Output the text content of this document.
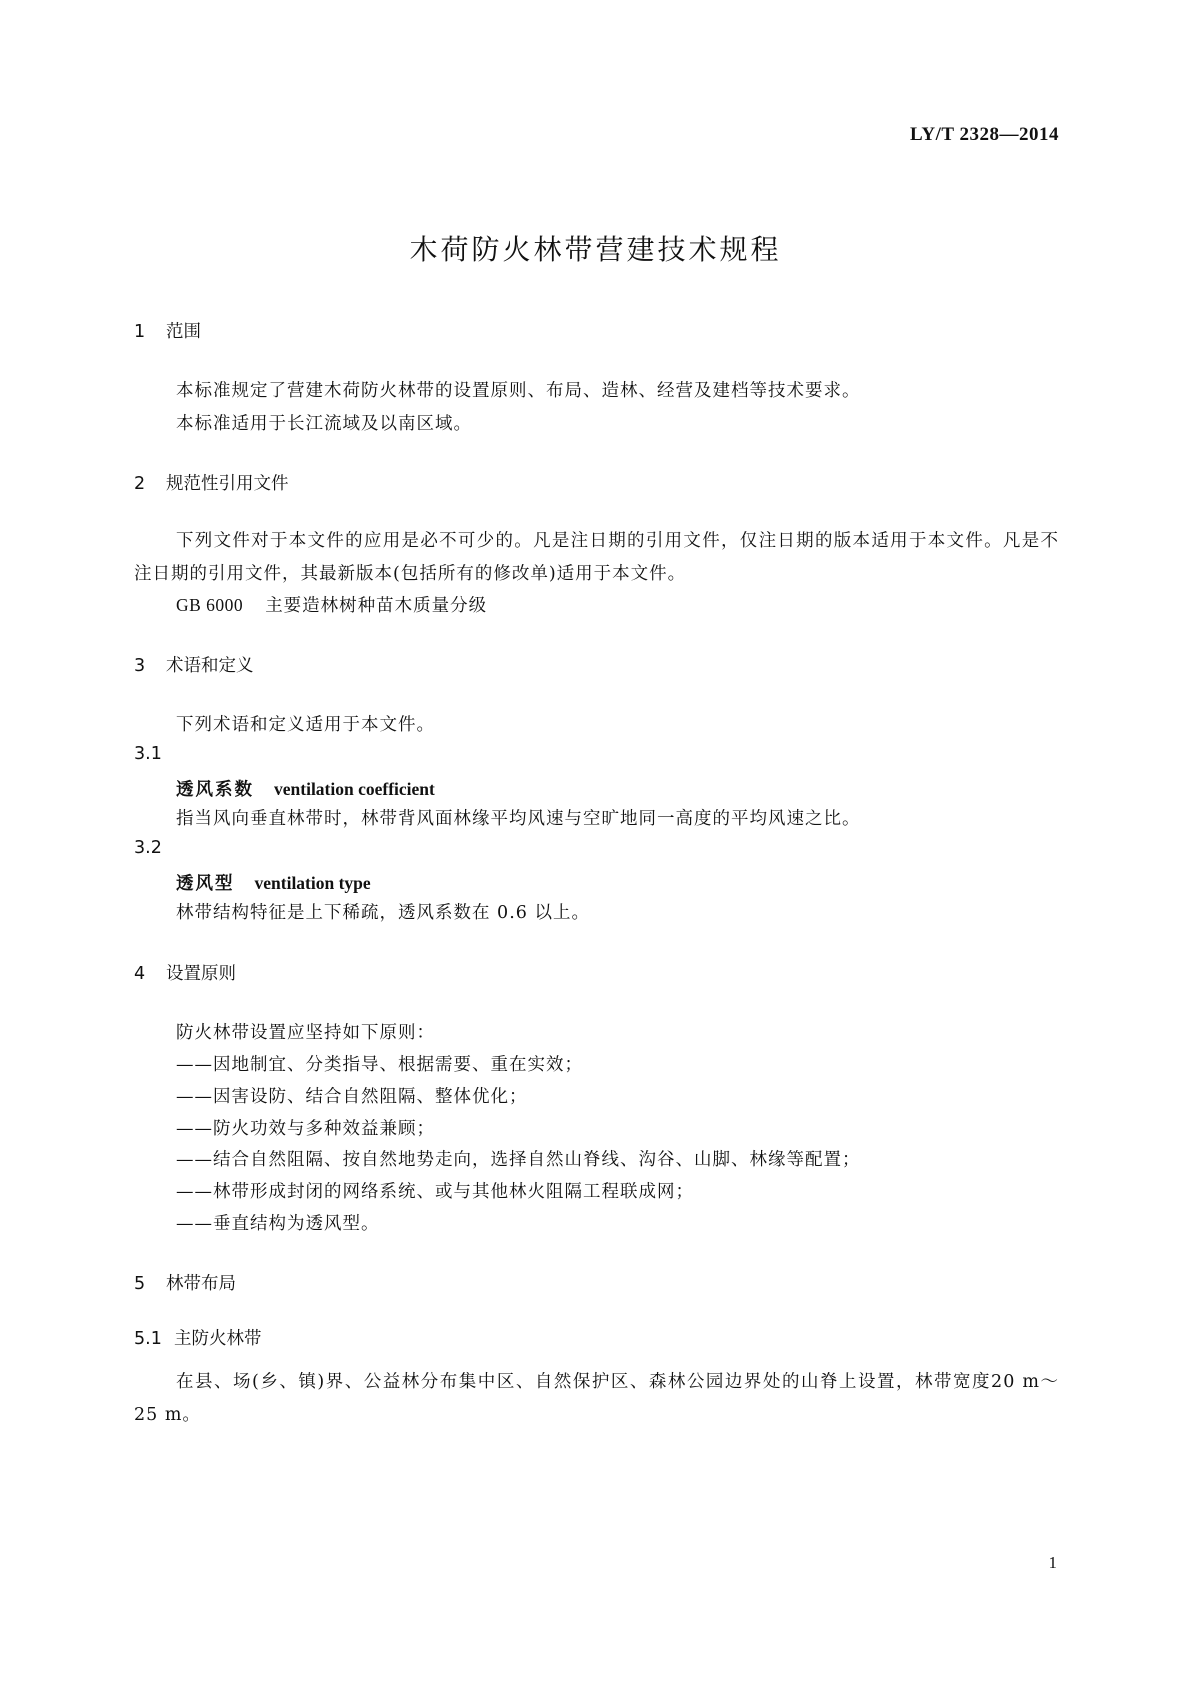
LY/T 2328—2014
木荷防火林带营建技术规程
1 范围
本标准规定了营建木荷防火林带的设置原则、布局、造林、经营及建档等技术要求。
本标准适用于长江流域及以南区域。
2 规范性引用文件
下列文件对于本文件的应用是必不可少的。凡是注日期的引用文件，仅注日期的版本适用于本文件。凡是不注日期的引用文件，其最新版本(包括所有的修改单)适用于本文件。
GB 6000 主要造林树种苗木质量分级
3 术语和定义
下列术语和定义适用于本文件。
3.1
透风系数 ventilation coefficient
指当风向垂直林带时，林带背风面林缘平均风速与空旷地同一高度的平均风速之比。
3.2
透风型 ventilation type
林带结构特征是上下稀疏，透风系数在 0.6 以上。
4 设置原则
防火林带设置应坚持如下原则：
——因地制宜、分类指导、根据需要、重在实效；
——因害设防、结合自然阻隔、整体优化；
——防火功效与多种效益兼顾；
——结合自然阻隔、按自然地势走向，选择自然山脊线、沟谷、山脚、林缘等配置；
——林带形成封闭的网络系统、或与其他林火阻隔工程联成网；
——垂直结构为透风型。
5 林带布局
5.1 主防火林带
在县、场(乡、镇)界、公益林分布集中区、自然保护区、森林公园边界处的山脊上设置，林带宽度20 m～25 m。
1
